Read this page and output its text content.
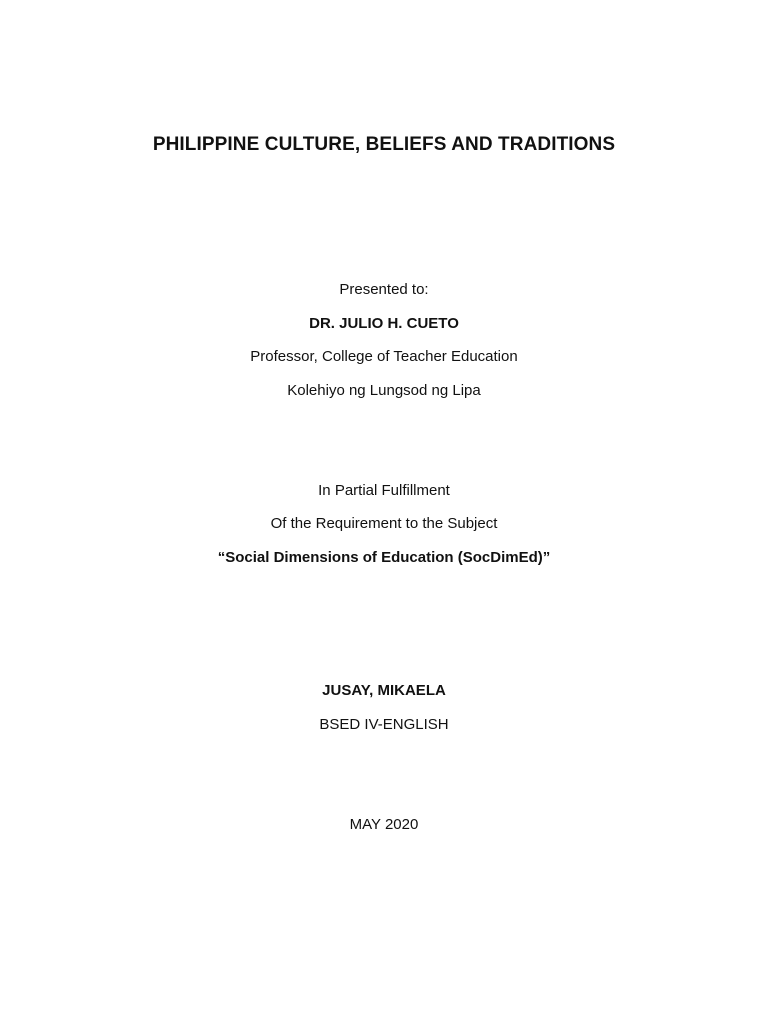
PHILIPPINE CULTURE, BELIEFS AND TRADITIONS
Presented to:
DR. JULIO H. CUETO
Professor, College of Teacher Education
Kolehiyo ng Lungsod ng Lipa
In Partial Fulfillment
Of the Requirement to the Subject
“Social Dimensions of Education (SocDimEd)”
JUSAY, MIKAELA
BSED IV-ENGLISH
MAY 2020
